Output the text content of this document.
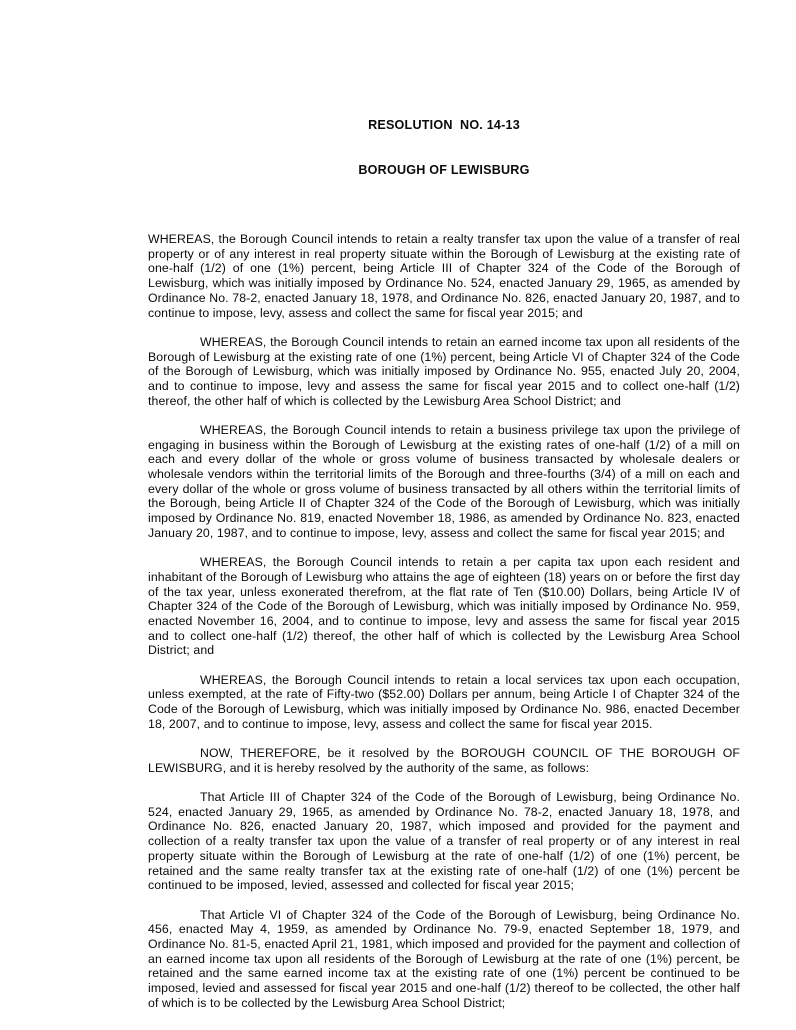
RESOLUTION  NO. 14-13

BOROUGH OF LEWISBURG

WHEREAS, the Borough Council intends to retain a realty transfer tax upon the value of a transfer of real property or of any interest in real property situate within the Borough of Lewisburg at the existing rate of one-half (1/2) of one (1%) percent, being Article III of Chapter 324 of the Code of the Borough of Lewisburg, which was initially imposed by Ordinance No. 524, enacted January 29, 1965, as amended by Ordinance No. 78-2, enacted January 18, 1978, and Ordinance No. 826, enacted January 20, 1987, and to continue to impose, levy, assess and collect the same for fiscal year 2015; and

WHEREAS, the Borough Council intends to retain an earned income tax upon all residents of the Borough of Lewisburg at the existing rate of one (1%) percent, being Article VI of Chapter 324 of the Code of the Borough of Lewisburg, which was initially imposed by Ordinance No. 955, enacted July 20, 2004, and to continue to impose, levy and assess the same for fiscal year 2015 and to collect one-half (1/2) thereof, the other half of which is collected by the Lewisburg Area School District; and

WHEREAS, the Borough Council intends to retain a business privilege tax upon the privilege of engaging in business within the Borough of Lewisburg at the existing rates of one-half (1/2) of a mill on each and every dollar of the whole or gross volume of business transacted by wholesale dealers or wholesale vendors within the territorial limits of the Borough and three-fourths (3/4) of a mill on each and every dollar of the whole or gross volume of business transacted by all others within the territorial limits of the Borough, being Article II of Chapter 324 of the Code of the Borough of Lewisburg, which was initially imposed by Ordinance No. 819, enacted November 18, 1986, as amended by Ordinance No. 823, enacted January 20, 1987, and to continue to impose, levy, assess and collect the same for fiscal year 2015; and

WHEREAS, the Borough Council intends to retain a per capita tax upon each resident and inhabitant of the Borough of Lewisburg who attains the age of eighteen (18) years on or before the first day of the tax year, unless exonerated therefrom, at the flat rate of Ten ($10.00) Dollars, being Article IV of Chapter 324 of the Code of the Borough of Lewisburg, which was initially imposed by Ordinance No. 959, enacted November 16, 2004, and to continue to impose, levy and assess the same for fiscal year 2015 and to collect one-half (1/2) thereof, the other half of which is collected by the Lewisburg Area School District; and

WHEREAS, the Borough Council intends to retain a local services tax upon each occupation, unless exempted, at the rate of Fifty-two ($52.00) Dollars per annum, being Article I of Chapter 324 of the Code of the Borough of Lewisburg, which was initially imposed by Ordinance No. 986, enacted December 18, 2007, and to continue to impose, levy, assess and collect the same for fiscal year 2015.

NOW, THEREFORE, be it resolved by the BOROUGH COUNCIL OF THE BOROUGH OF LEWISBURG, and it is hereby resolved by the authority of the same, as follows:

That Article III of Chapter 324 of the Code of the Borough of Lewisburg, being Ordinance No. 524, enacted January 29, 1965, as amended by Ordinance No. 78-2, enacted January 18, 1978, and Ordinance No. 826, enacted January 20, 1987, which imposed and provided for the payment and collection of a realty transfer tax upon the value of a transfer of real property or of any interest in real property situate within the Borough of Lewisburg at the rate of one-half (1/2) of one (1%) percent, be retained and the same realty transfer tax at the existing rate of one-half (1/2) of one (1%) percent be continued to be imposed, levied, assessed and collected for fiscal year 2015;

That Article VI of Chapter 324 of the Code of the Borough of Lewisburg, being Ordinance No. 456, enacted May 4, 1959, as amended by Ordinance No. 79-9, enacted September 18, 1979, and Ordinance No. 81-5, enacted April 21, 1981, which imposed and provided for the payment and collection of an earned income tax upon all residents of the Borough of Lewisburg at the rate of one (1%) percent, be retained and the same earned income tax at the existing rate of one (1%) percent be continued to be imposed, levied and assessed for fiscal year 2015 and one-half (1/2) thereof to be collected, the other half of which is to be collected by the Lewisburg Area School District;
